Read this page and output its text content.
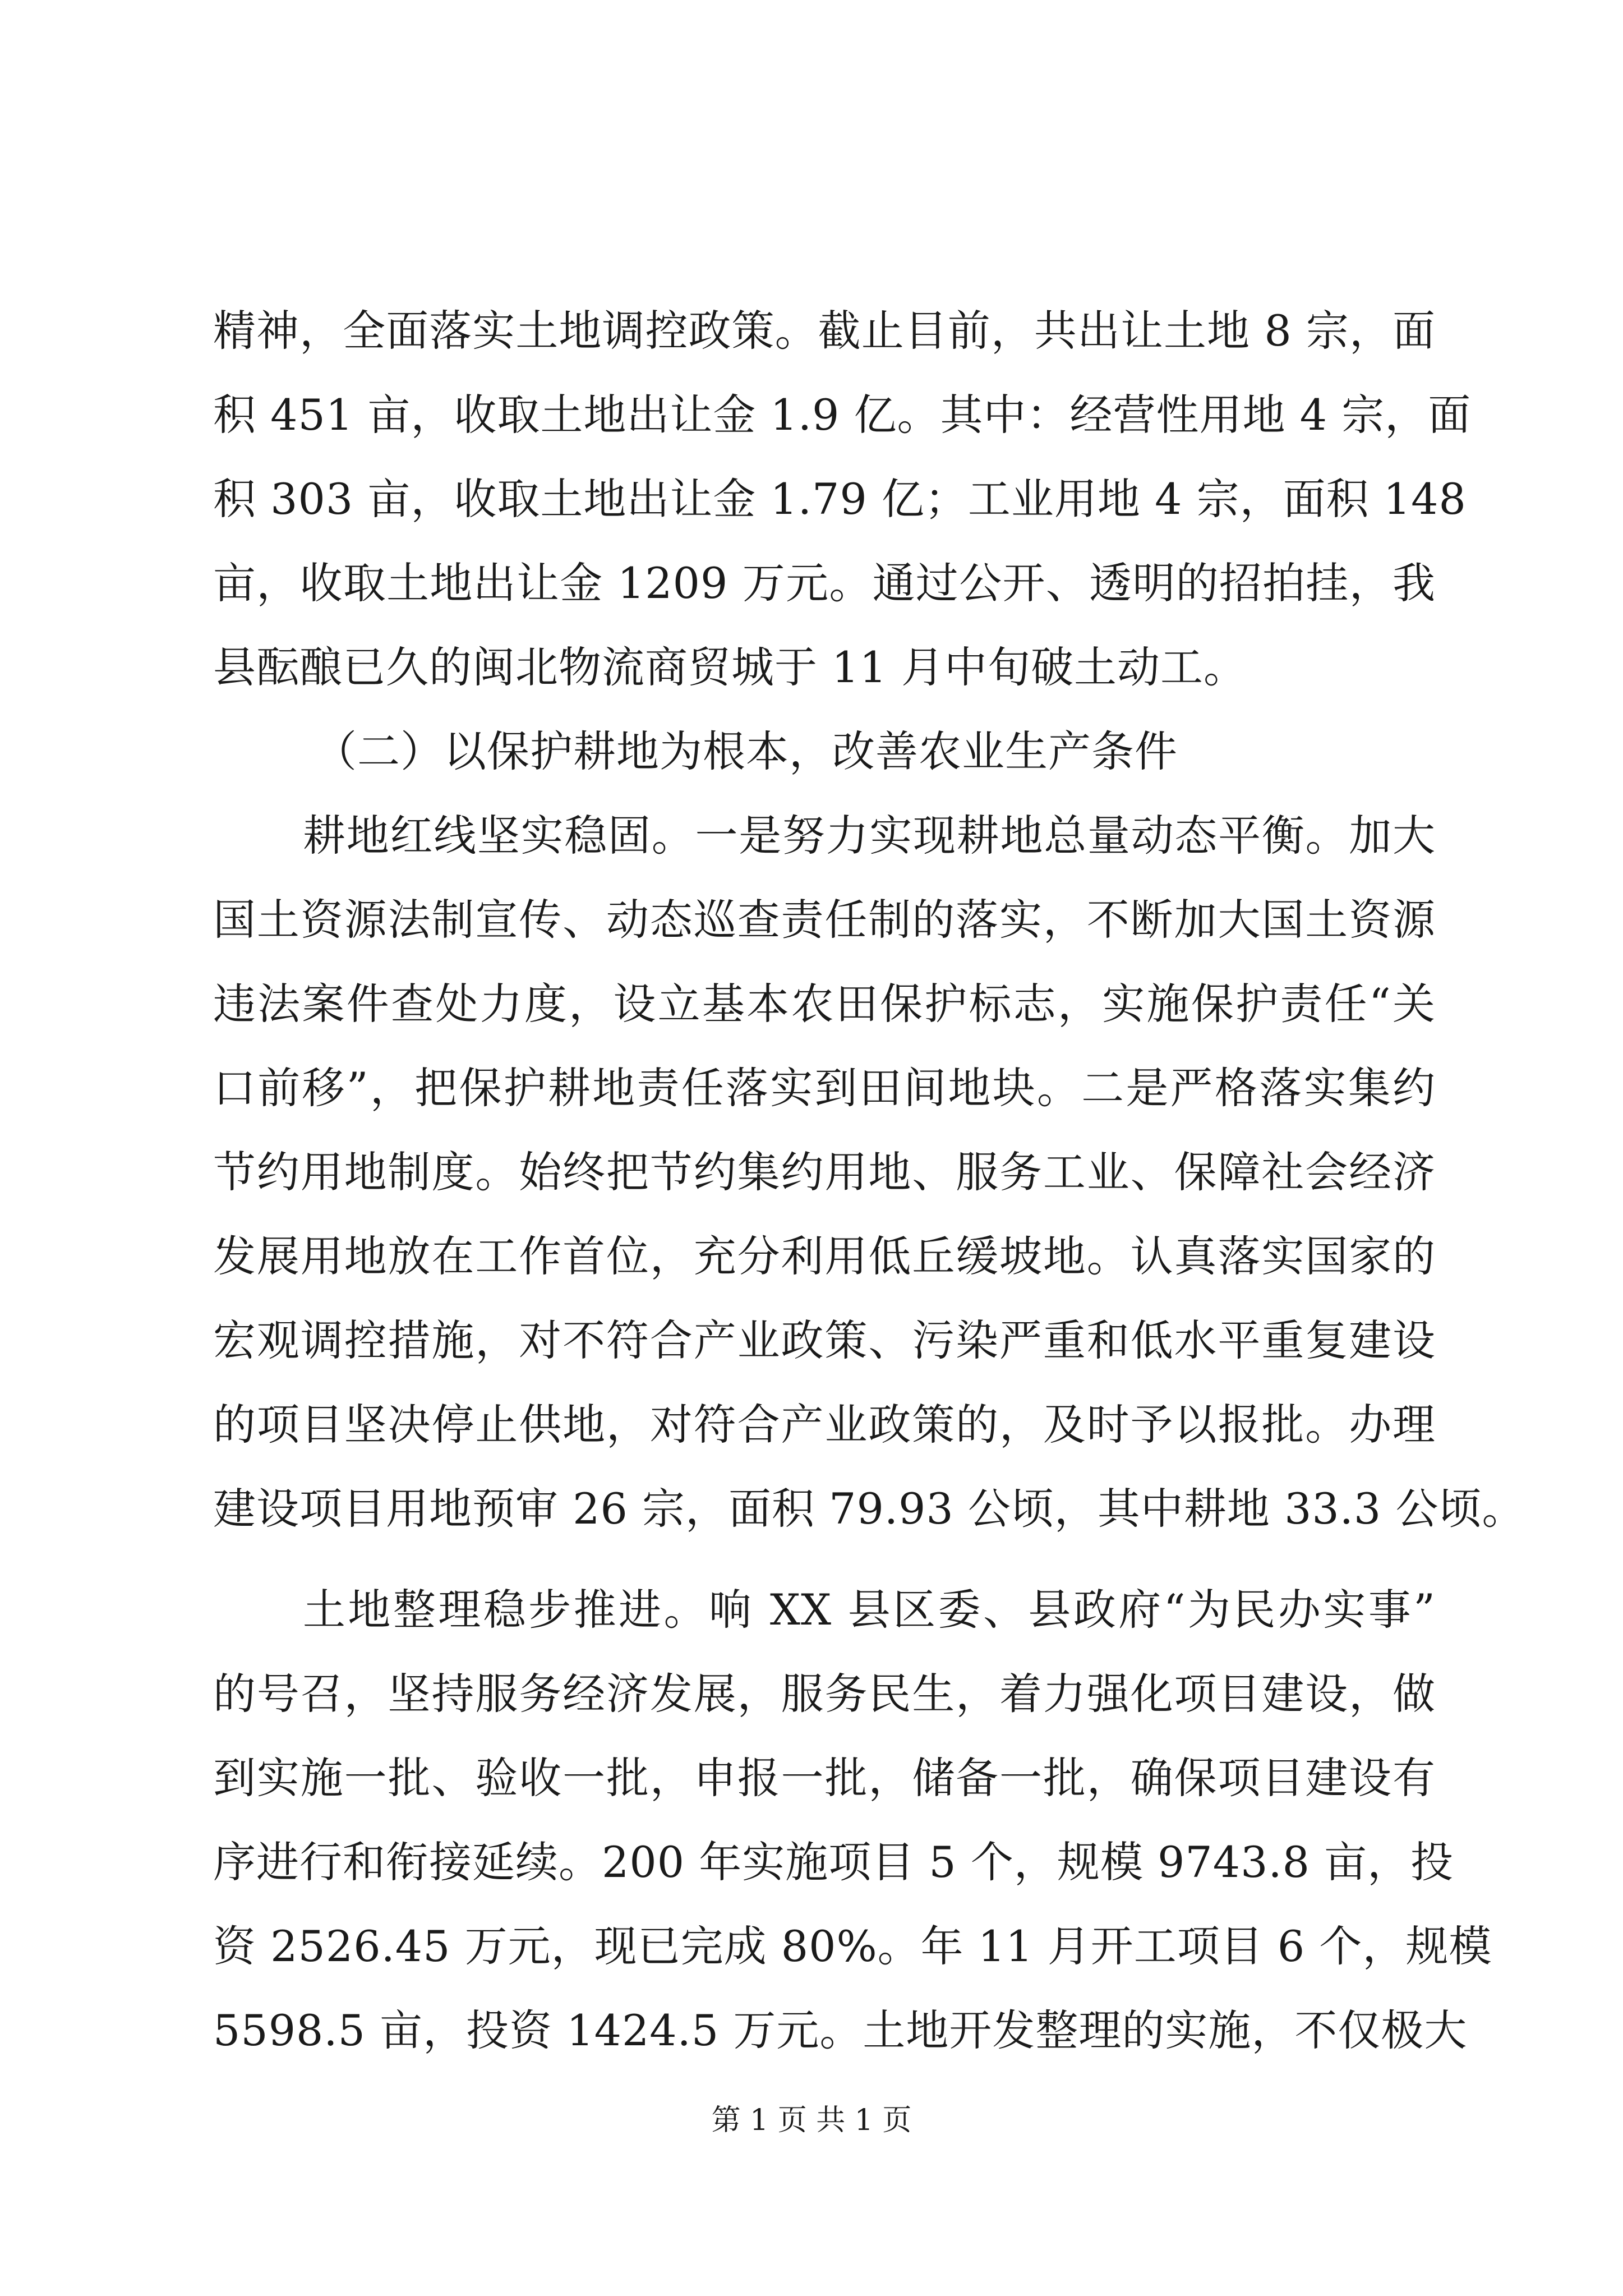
精神，全面落实土地调控政策。截止目前，共出让土地 8 宗，面
积 451 亩，收取土地出让金 1.9 亿。其中：经营性用地 4 宗，面
积 303 亩，收取土地出让金 1.79 亿；工业用地 4 宗，面积 148
亩，收取土地出让金 1209 万元。通过公开、透明的招拍挂，我
县酝酿已久的闽北物流商贸城于 11 月中旬破土动工。
（二）以保护耕地为根本，改善农业生产条件
耕地红线坚实稳固。一是努力实现耕地总量动态平衡。加大
国土资源法制宣传、动态巡查责任制的落实，不断加大国土资源
违法案件查处力度，设立基本农田保护标志，实施保护责任“关
口前移”，把保护耕地责任落实到田间地块。二是严格落实集约
节约用地制度。始终把节约集约用地、服务工业、保障社会经济
发展用地放在工作首位，充分利用低丘缓坡地。认真落实国家的
宏观调控措施，对不符合产业政策、污染严重和低水平重复建设
的项目坚决停止供地，对符合产业政策的，及时予以报批。办理
建设项目用地预审 26 宗，面积 79.93 公顷，其中耕地 33.3 公顷。
土地整理稳步推进。响 XX 县区委、县政府“为民办实事”
的号召，坚持服务经济发展，服务民生，着力强化项目建设，做
到实施一批、验收一批，申报一批，储备一批，确保项目建设有
序进行和衔接延续。200 年实施项目 5 个，规模 9743.8 亩，投
资 2526.45 万元，现已完成 80%。年 11 月开工项目 6 个，规模
5598.5 亩，投资 1424.5 万元。土地开发整理的实施，不仅极大
第 1 页 共 1 页
